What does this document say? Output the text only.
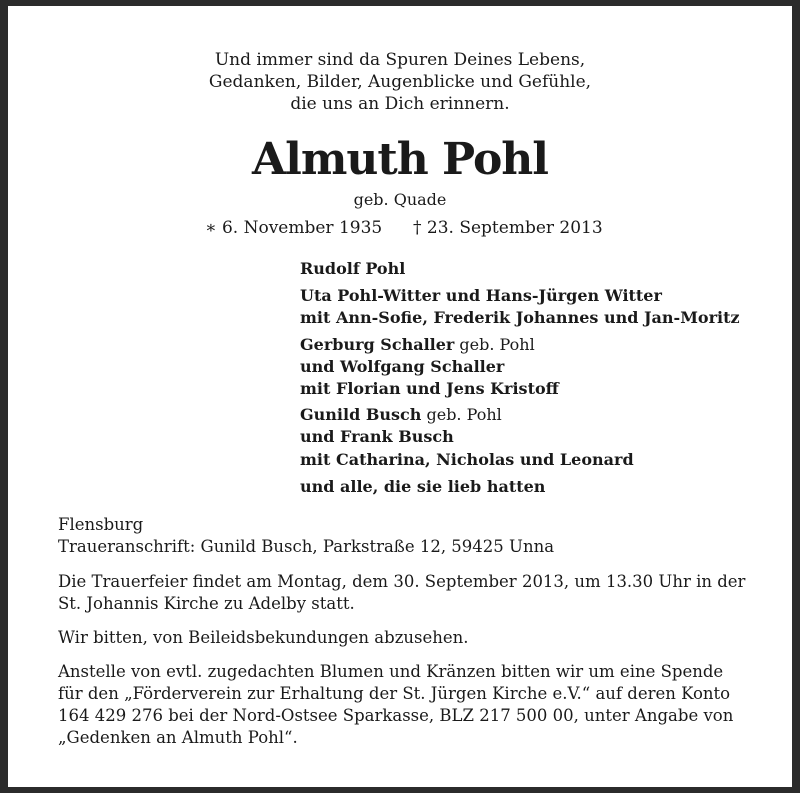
Und immer sind da Spuren Deines Lebens,
Gedanken, Bilder, Augenblicke und Gefühle,
die uns an Dich erinnern.
Almuth Pohl
geb. Quade
∗ 6. November 1935 † 23. September 2013
Rudolf Pohl
Uta Pohl-Witter und Hans-Jürgen Witter
mit Ann-Sofie, Frederik Johannes und Jan-Moritz
Gerburg Schaller geb. Pohl
und Wolfgang Schaller
mit Florian und Jens Kristoff
Gunild Busch geb. Pohl
und Frank Busch
mit Catharina, Nicholas und Leonard
und alle, die sie lieb hatten
Flensburg
Traueranschrift: Gunild Busch, Parkstraße 12, 59425 Unna
Die Trauerfeier findet am Montag, dem 30. September 2013, um 13.30 Uhr in der
St. Johannis Kirche zu Adelby statt.
Wir bitten, von Beileidsbekundungen abzusehen.
Anstelle von evtl. zugedachten Blumen und Kränzen bitten wir um eine Spende
für den „Förderverein zur Erhaltung der St. Jürgen Kirche e.V.“ auf deren Konto
164 429 276 bei der Nord-Ostsee Sparkasse, BLZ 217 500 00, unter Angabe von
„Gedenken an Almuth Pohl“.
